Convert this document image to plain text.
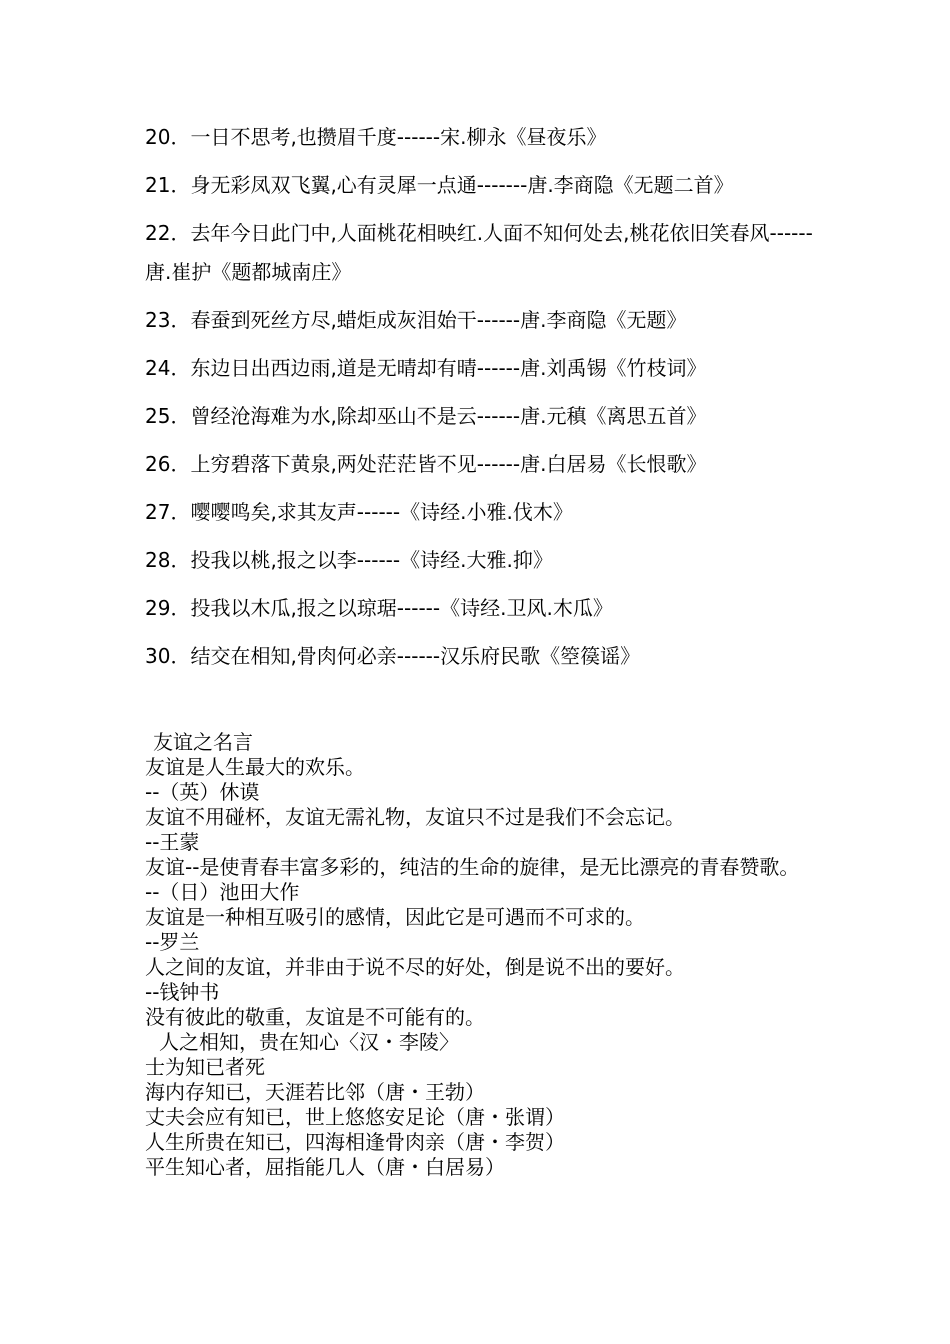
20．一日不思考,也攒眉千度------宋.柳永《昼夜乐》

21．身无彩凤双飞翼,心有灵犀一点通-------唐.李商隐《无题二首》

22．去年今日此门中,人面桃花相映红.人面不知何处去,桃花依旧笑春风------唐.崔护《题都城南庄》

23．春蚕到死丝方尽,蜡炬成灰泪始干------唐.李商隐《无题》

24．东边日出西边雨,道是无晴却有晴------唐.刘禹锡《竹枝词》

25．曾经沧海难为水,除却巫山不是云------唐.元稹《离思五首》

26．上穷碧落下黄泉,两处茫茫皆不见------唐.白居易《长恨歌》

27．嘤嘤鸣矣,求其友声------《诗经.小雅.伐木》

28．投我以桃,报之以李------《诗经.大雅.抑》

29．投我以木瓜,报之以琼琚------《诗经.卫风.木瓜》

30．结交在相知,骨肉何必亲------汉乐府民歌《箜篌谣》

友谊之名言

友谊是人生最大的欢乐。

--（英）休谟

友谊不用碰杯，友谊无需礼物，友谊只不过是我们不会忘记。

--王蒙

友谊--是使青春丰富多彩的，纯洁的生命的旋律，是无比漂亮的青春赞歌。

--（日）池田大作

友谊是一种相互吸引的感情，因此它是可遇而不可求的。

--罗兰

人之间的友谊，并非由于说不尽的好处，倒是说不出的要好。

--钱钟书

没有彼此的敬重，友谊是不可能有的。

人之相知，贵在知心〈汉・李陵〉

士为知已者死

海内存知已，天涯若比邻（唐・王勃）

丈夫会应有知已，世上悠悠安足论（唐・张谓）

人生所贵在知已，四海相逢骨肉亲（唐・李贺）

平生知心者，屈指能几人（唐・白居易）
